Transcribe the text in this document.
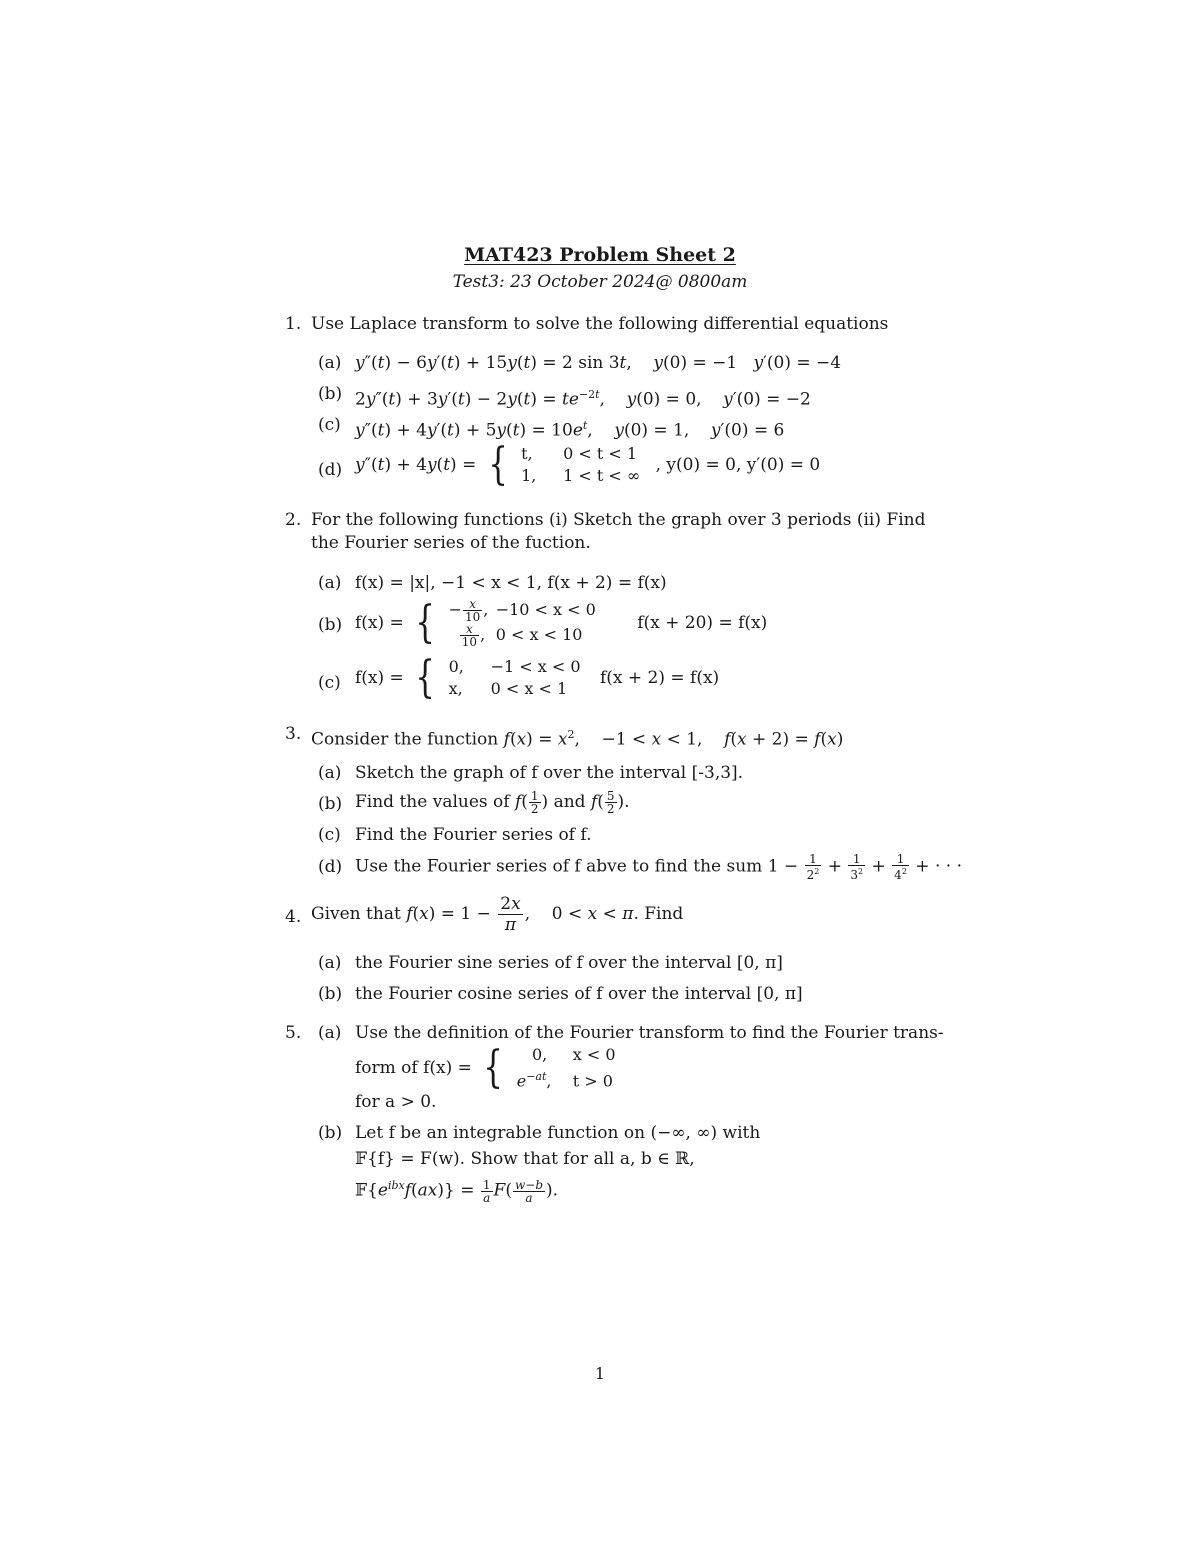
MAT423 Problem Sheet 2
Test3: 23 October 2024@ 0800am
1. Use Laplace transform to solve the following differential equations
(a) y″(t) − 6y′(t) + 15y(t) = 2 sin 3t,    y(0) = −1   y′(0) = −4
(b) $2y''(t) + 3y'(t) - 2y(t) = te^{-2t}$,    y(0) = 0,    y′(0) = −2
(c) $y''(t) + 4y'(t) + 5y(t) = 10e^t$,    y(0) = 1,    y′(0) = 6
(d) y″(t) + 4y(t) = { t, 0 < t < 1
1, 1 < t < ∞
, y(0) = 0, y′(0) = 0
2. For the following functions (i) Sketch the graph over 3 periods (ii) Find the Fourier series of the fuction.
(a) f(x) = |x|, −1 < x < 1, f(x + 2) = f(x)
(b) f(x) = { − $\frac{x}{10}$ , −10 < x < 0

$\frac{x}{10}$ , 0 < x < 10
f(x + 20) = f(x)
(c) f(x) = { 0, −1 < x < 0
x, 0 < x < 1
f(x + 2) = f(x)
3. Consider the function $f(x) = x^2$,    −1 < x < 1,    f(x + 2) = f(x)
(a) Sketch the graph of f over the interval [-3,3].
(b) Find the values of $f( \frac{1}{2}$ ) and $f( \frac{5}{2}$ ).
(c) Find the Fourier series of f.
(d) Use the Fourier series of f abve to find the sum $1 - \frac{1}{2^2} + \frac{1}{3^2} + \frac{1}{4^2}$ + · · ·
4. Given that $f(x) = 1 - \frac{2x}{\pi}$ ,    0 < x < π. Find
(a) the Fourier sine series of f over the interval [0, π]
(b) the Fourier cosine series of f over the interval [0, π]
5. (a) Use the definition of the Fourier transform to find the Fourier trans-
form of f(x) = {	0, x < 0
$e^{-at}$, t > 0
for a > 0.
(b) Let f be an integrable function on (−∞, ∞) with
𝔽{f} = F(w). Show that for all a, b ∈ ℝ,
$𝔽\{e^{ibx}f(ax)\} = \frac{1}{a} F( \frac{w-b}{a}$ ).
1
